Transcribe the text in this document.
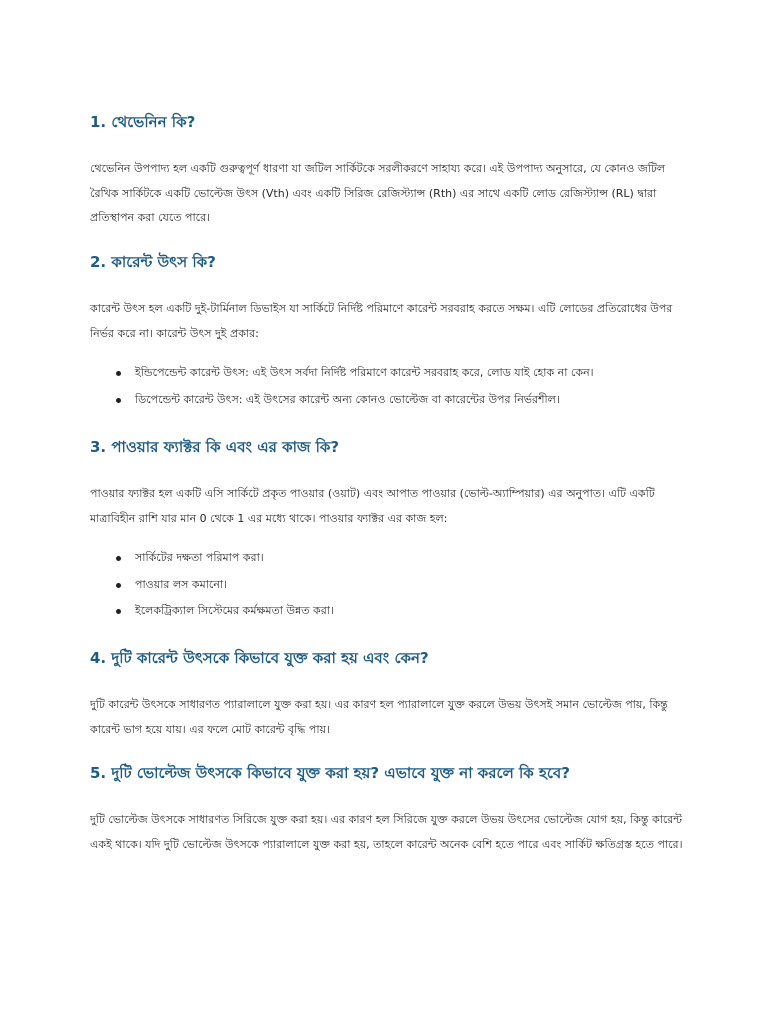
1. থেভেনিন কি?

থেভেনিন উপপাদ্য হল একটি গুরুত্বপূর্ণ ধারণা যা জটিল সার্কিটকে সরলীকরণে সাহায্য করে। এই উপপাদ্য অনুসারে, যে কোনও জটিল
রৈখিক সার্কিটকে একটি ভোল্টেজ উৎস (Vth) এবং একটি সিরিজ রেজিস্ট্যান্স (Rth) এর সাথে একটি লোড রেজিস্ট্যান্স (RL) দ্বারা
প্রতিস্থাপন করা যেতে পারে।

2. কারেন্ট উৎস কি?

কারেন্ট উৎস হল একটি দুই-টার্মিনাল ডিভাইস যা সার্কিটে নির্দিষ্ট পরিমাণে কারেন্ট সরবরাহ করতে সক্ষম। এটি লোডের প্রতিরোধের উপর
নির্ভর করে না। কারেন্ট উৎস দুই প্রকার:

ইন্ডিপেন্ডেন্ট কারেন্ট উৎস: এই উৎস সর্বদা নির্দিষ্ট পরিমাণে কারেন্ট সরবরাহ করে, লোড যাই হোক না কেন।
ডিপেন্ডেন্ট কারেন্ট উৎস: এই উৎসের কারেন্ট অন্য কোনও ভোল্টেজ বা কারেন্টের উপর নির্ভরশীল।
3. পাওয়ার ফ্যাক্টর কি এবং এর কাজ কি?

পাওয়ার ফ্যাক্টর হল একটি এসি সার্কিটে প্রকৃত পাওয়ার (ওয়াট) এবং আপাত পাওয়ার (ভোল্ট-অ্যাম্পিয়ার) এর অনুপাত। এটি একটি
মাত্রাবিহীন রাশি যার মান 0 থেকে 1 এর মধ্যে থাকে। পাওয়ার ফ্যাক্টর এর কাজ হল:

সার্কিটের দক্ষতা পরিমাপ করা।
পাওয়ার লস কমানো।
ইলেকট্রিক্যাল সিস্টেমের কর্মক্ষমতা উন্নত করা।
4. দুটি কারেন্ট উৎসকে কিভাবে যুক্ত করা হয় এবং কেন?

দুটি কারেন্ট উৎসকে সাধারণত প্যারালালে যুক্ত করা হয়। এর কারণ হল প্যারালালে যুক্ত করলে উভয় উৎসই সমান ভোল্টেজ পায়, কিন্তু
কারেন্ট ভাগ হয়ে যায়। এর ফলে মোট কারেন্ট বৃদ্ধি পায়।

5. দুটি ভোল্টেজ উৎসকে কিভাবে যুক্ত করা হয়? এভাবে যুক্ত না করলে কি হবে?

দুটি ভোল্টেজ উৎসকে সাধারণত সিরিজে যুক্ত করা হয়। এর কারণ হল সিরিজে যুক্ত করলে উভয় উৎসের ভোল্টেজ যোগ হয়, কিন্তু কারেন্ট
একই থাকে। যদি দুটি ভোল্টেজ উৎসকে প্যারালালে যুক্ত করা হয়, তাহলে কারেন্ট অনেক বেশি হতে পারে এবং সার্কিট ক্ষতিগ্রস্ত হতে পারে।
